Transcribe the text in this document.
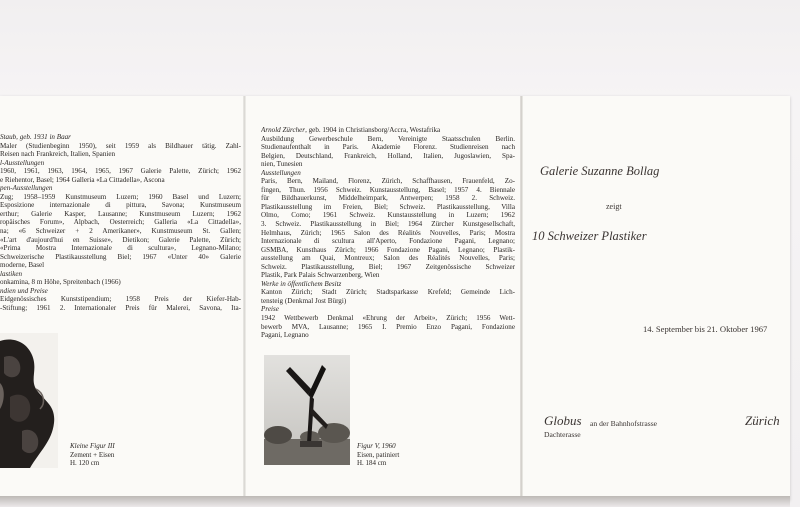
Staub, geb. 1931 in Baar
Maler (Studienbeginn 1950), seit 1959 als Bildhauer tätig. Zahl-
Reisen nach Frankreich, Italien, Spanien
l-Ausstellungen
1960, 1961, 1963, 1964, 1965, 1967 Galerie Palette, Zürich; 1962
e Riehentor, Basel; 1964 Galleria «La Cittadella», Ascona
pen-Ausstellungen
Zug; 1958–1959 Kunstmuseum Luzern; 1960 Basel und Luzern;
Esposizione internazionale di pittura, Savona; Kunstmuseum
erthur; Galerie Kasper, Lausanne; Kunstmuseum Luzern; 1962
ropäisches Forum», Alpbach, Oesterreich; Galleria «La Cittadella»,
na; «6 Schweizer + 2 Amerikaner», Kunstmuseum St. Gallen;
«L'art d'aujourd'hui en Suisse», Dietikon; Galerie Palette, Zürich;
«Prima Mostra Internazionale di scultura», Legnano-Milano;
Schweizerische Plastikausstellung Biel; 1967 «Unter 40» Galerie
moderne, Basel
lastiken
onkamina, 8 m Höhe, Spreitenbach (1966)
ndien und Preise
Eidgenössisches Kunststipendium; 1958 Preis der Kiefer-Hab-
-Stiftung; 1961 2. Internationaler Preis für Malerei, Savona, Ita-
Kleine Figur III
Zement + Eisen
H. 120 cm
Arnold Zürcher, geb. 1904 in Christiansborg/Accra, Westafrika
Ausbildung Gewerbeschule Bern, Vereinigte Staatsschulen Berlin.
Studienaufenthalt in Paris. Akademie Florenz. Studienreisen nach
Belgien, Deutschland, Frankreich, Holland, Italien, Jugoslawien, Spa-
nien, Tunesien
Ausstellungen
Paris, Bern, Mailand, Florenz, Zürich, Schaffhausen, Frauenfeld, Zo-
fingen, Thun. 1956 Schweiz. Kunstausstellung, Basel; 1957 4. Biennale
für Bildhauerkunst, Middelheimpark, Antwerpen; 1958 2. Schweiz.
Plastikausstellung im Freien, Biel; Schweiz. Plastikausstellung, Villa
Olmo, Como; 1961 Schweiz. Kunstausstellung in Luzern; 1962
3. Schweiz. Plastikausstellung in Biel; 1964 Zürcher Kunstgesellschaft,
Helmhaus, Zürich; 1965 Salon des Réalités Nouvelles, Paris; Mostra
Internazionale di scultura all'Aperto, Fondazione Pagani, Legnano;
GSMBA, Kunsthaus Zürich; 1966 Fondazione Pagani, Legnano; Plastik-
ausstellung am Quai, Montreux; Salon des Réalités Nouvelles, Paris;
Schweiz. Plastikausstellung, Biel; 1967 Zeitgenössische Schweizer
Plastik, Park Palais Schwarzenberg, Wien
Werke in öffentlichem Besitz
Kanton Zürich; Stadt Zürich; Stadtsparkasse Krefeld; Gemeinde Lich-
tensteig (Denkmal Jost Bürgi)
Preise
1942 Wettbewerb Denkmal «Ehrung der Arbeit», Zürich; 1956 Wett-
bewerb MVA, Lausanne; 1965 I. Premio Enzo Pagani, Fondazione
Pagani, Legnano
Figur V, 1960
Eisen, patiniert
H. 184 cm
Galerie Suzanne Bollag
zeigt
10 Schweizer Plastiker
14. September bis 21. Oktober 1967
Globus an der Bahnhofstrasse	Zürich
Dachterasse
